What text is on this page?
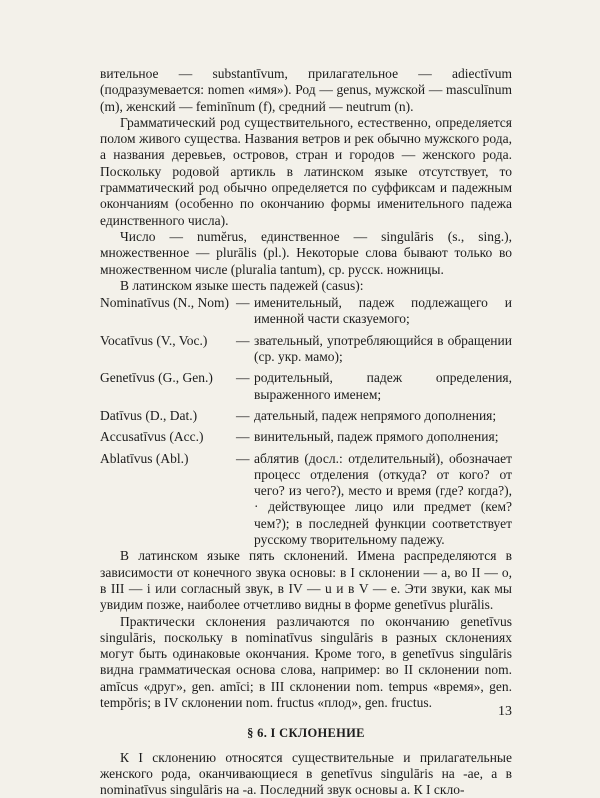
вительное — substantīvum, прилагательное — adiectīvum (подразумевается: nomen «имя»). Род — genus, мужской — masculīnum (m), женский — feminīnum (f), средний — neutrum (n).

Грамматический род существительного, естественно, определяется полом живого существа. Названия ветров и рек обычно мужского рода, а названия деревьев, островов, стран и городов — женского рода. Поскольку родовой артикль в латинском языке отсутствует, то грамматический род обычно определяется по суффиксам и падежным окончаниям (особенно по окончанию формы именительного падежа единственного числа).

Число — numĕrus, единственное — singulāris (s., sing.), множественное — plurālis (pl.). Некоторые слова бывают только во множественном числе (pluralia tantum), ср. русск. ножницы.

В латинском языке шесть падежей (casus):

Nominatīvus (N., Nom) — именительный, падеж подлежащего и именной части сказуемого;
Vocatīvus (V., Voc.)	— звательный, употребляющийся в обращении (ср. укр. мамо);
Genetīvus (G., Gen.)	— родительный, падеж определения, выраженного именем;
Datīvus (D., Dat.)	— дательный, падеж непрямого дополнения;
Accusatīvus (Acc.)	— винительный, падеж прямого дополнения;
Ablatīvus (Abl.)	— аблятив (досл.: отделительный), обозначает процесс отделения (откуда? от кого? от чего? из чего?), место и время (где? когда?), · действующее лицо или предмет (кем? чем?); в последней функции соответствует русскому творительному падежу.

В латинском языке пять склонений. Имена распределяются в зависимости от конечного звука основы: в I склонении — а, во II — о, в III — i или согласный звук, в IV — u и в V — е. Эти звуки, как мы увидим позже, наиболее отчетливо видны в форме genetīvus plurālis.

Практически склонения различаются по окончанию genetīvus singulāris, поскольку в nominatīvus singulāris в разных склонениях могут быть одинаковые окончания. Кроме того, в genetīvus singulāris видна грамматическая основа слова, например: во II склонении nom. amīcus «друг», gen. amīci; в III склонении nom. tempus «время», gen. tempŏris; в IV склонении nom. fructus «плод», gen. fructus.

§ 6. I СКЛОНЕНИЕ

К I склонению относятся существительные и прилагательные женского рода, оканчивающиеся в genetīvus singulāris на -ае, а в nominatīvus singulāris на -а. Последний звук основы а. К I скло-

13
